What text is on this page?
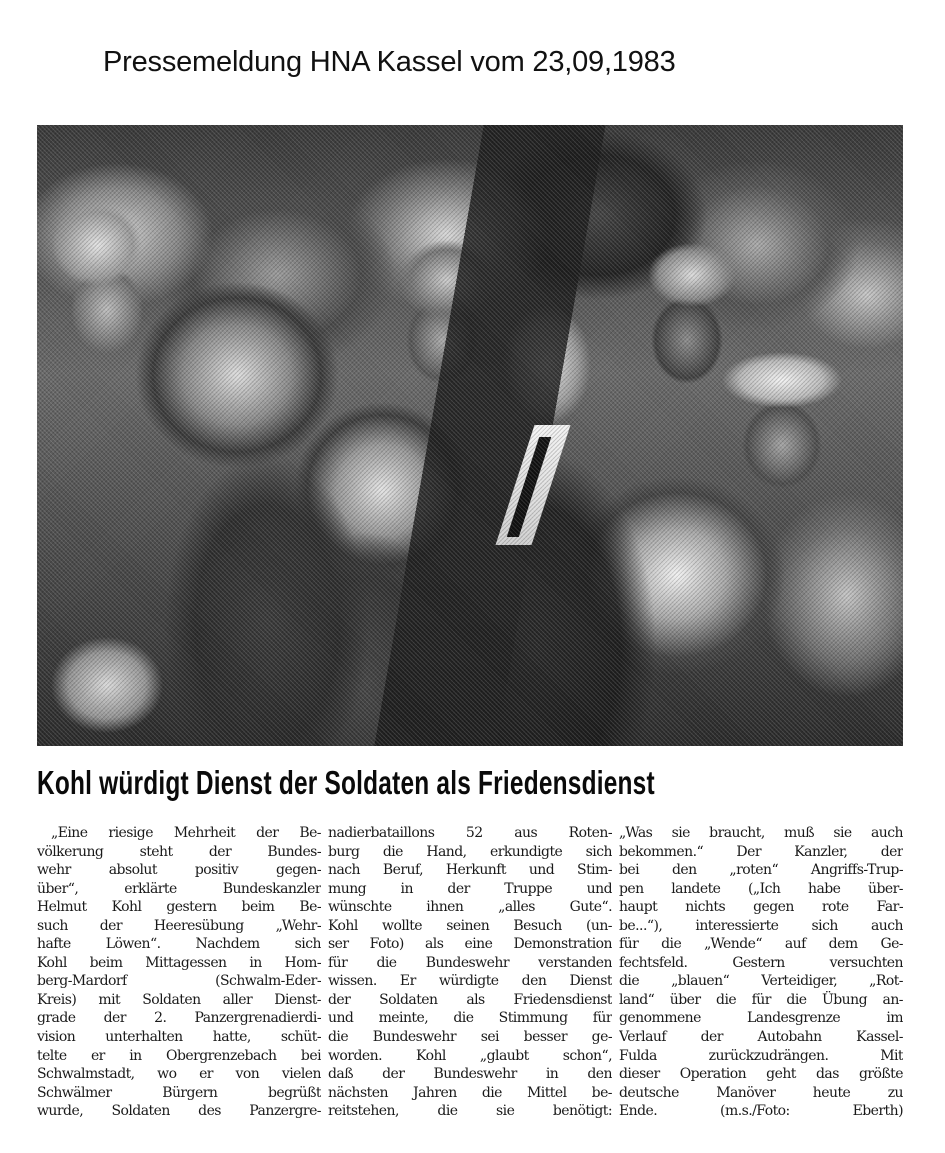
Pressemeldung HNA Kassel vom 23,09,1983
Kohl würdigt Dienst der Soldaten als Friedensdienst
„Eine riesige Mehrheit der Be-
völkerung steht der Bundes-
wehr absolut positiv gegen-
über“, erklärte Bundeskanzler
Helmut Kohl gestern beim Be-
such der Heeresübung „Wehr-
hafte Löwen“. Nachdem sich
Kohl beim Mittagessen in Hom-
berg-Mardorf (Schwalm-Eder-
Kreis) mit Soldaten aller Dienst-
grade der 2. Panzergrenadierdi-
vision unterhalten hatte, schüt-
telte er in Obergrenzebach bei
Schwalmstadt, wo er von vielen
Schwälmer Bürgern begrüßt
wurde, Soldaten des Panzergre-
nadierbataillons 52 aus Roten-
burg die Hand, erkundigte sich
nach Beruf, Herkunft und Stim-
mung in der Truppe und
wünschte ihnen „alles Gute“.
Kohl wollte seinen Besuch (un-
ser Foto) als eine Demonstration
für die Bundeswehr verstanden
wissen. Er würdigte den Dienst
der Soldaten als Friedensdienst
und meinte, die Stimmung für
die Bundeswehr sei besser ge-
worden. Kohl „glaubt schon“,
daß der Bundeswehr in den
nächsten Jahren die Mittel be-
reitstehen, die sie benötigt:
„Was sie braucht, muß sie auch
bekommen.“ Der Kanzler, der
bei den „roten“ Angriffs-Trup-
pen landete („Ich habe über-
haupt nichts gegen rote Far-
be...“), interessierte sich auch
für die „Wende“ auf dem Ge-
fechtsfeld. Gestern versuchten
die „blauen“ Verteidiger, „Rot-
land“ über die für die Übung an-
genommene Landesgrenze im
Verlauf der Autobahn Kassel-
Fulda zurückzudrängen. Mit
dieser Operation geht das größte
deutsche Manöver heute zu
Ende. (m.s./Foto: Eberth)
